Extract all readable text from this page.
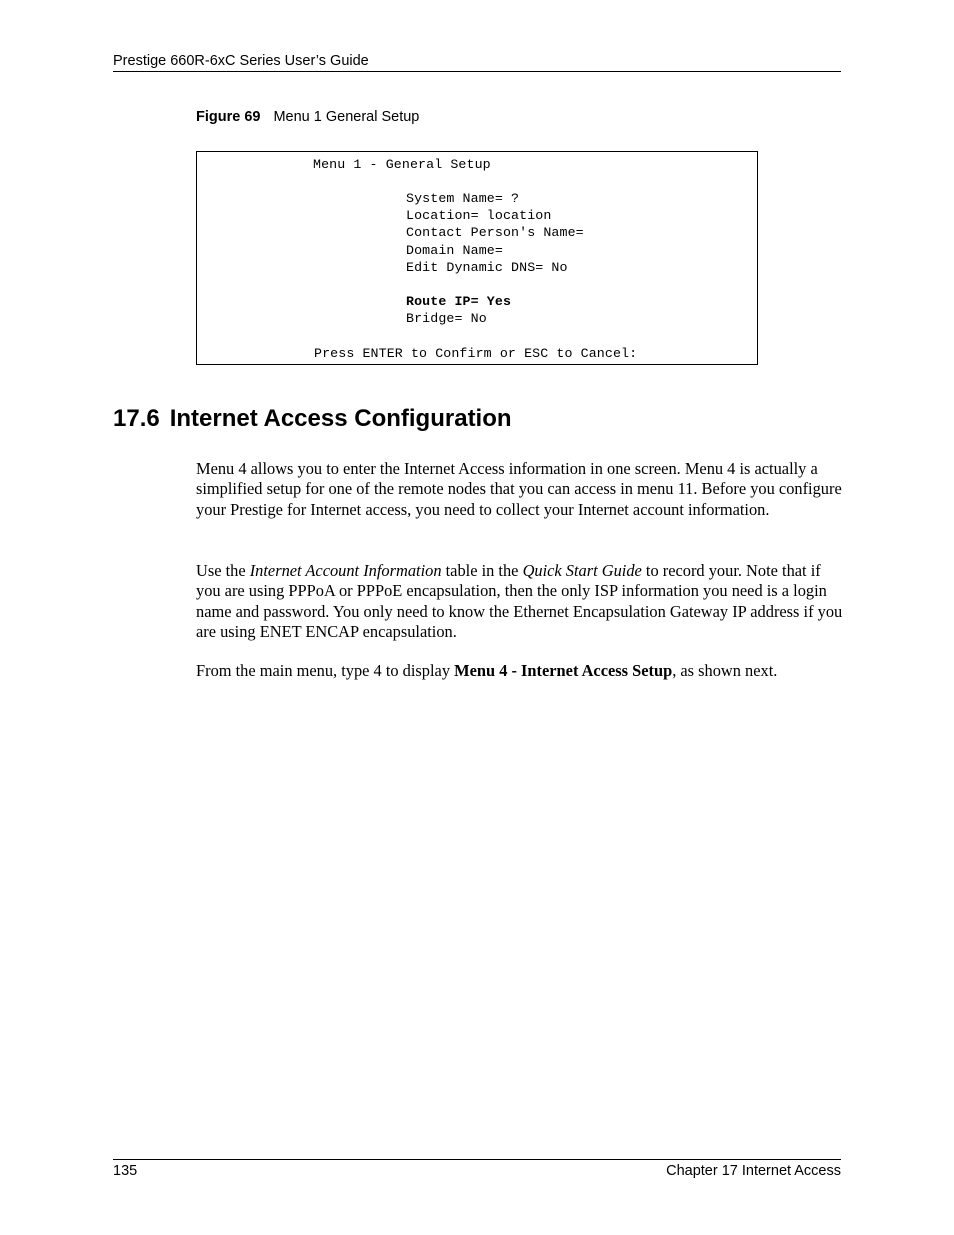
Prestige 660R-6xC Series User’s Guide
Figure 69 Menu 1 General Setup
Menu 1 - General Setup
System Name= ?
Location= location
Contact Person's Name=
Domain Name=
Edit Dynamic DNS= No
Route IP= Yes
Bridge= No
Press ENTER to Confirm or ESC to Cancel:
17.6 Internet Access Configuration

Menu 4 allows you to enter the Internet Access information in one screen. Menu 4 is actually a simplified setup for one of the remote nodes that you can access in menu 11. Before you configure your Prestige for Internet access, you need to collect your Internet account information.

Use the Internet Account Information table in the Quick Start Guide to record your. Note that if you are using PPPoA or PPPoE encapsulation, then the only ISP information you need is a login name and password. You only need to know the Ethernet Encapsulation Gateway IP address if you are using ENET ENCAP encapsulation.

From the main menu, type 4 to display Menu 4 - Internet Access Setup, as shown next.

135	Chapter 17 Internet Access
